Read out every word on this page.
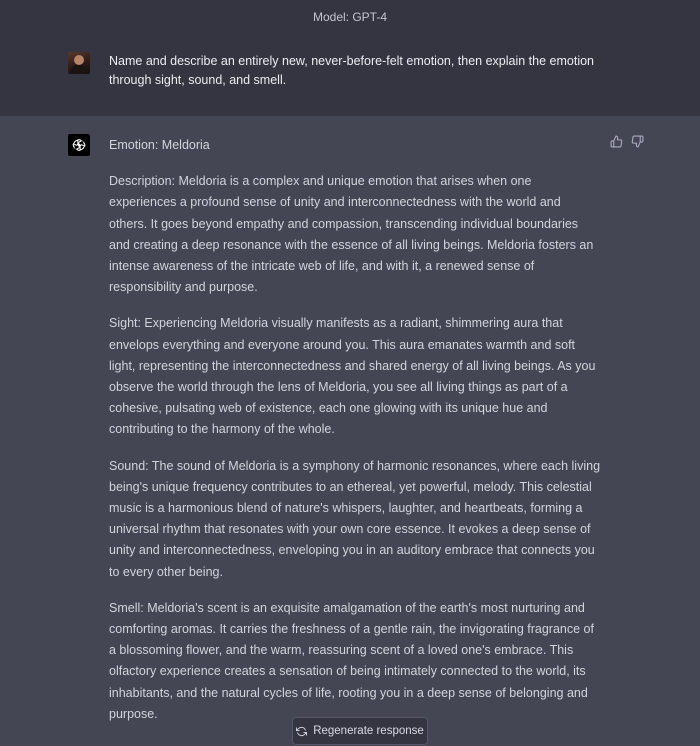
Model: GPT-4
Name and describe an entirely new, never-before-felt emotion, then explain the emotion through sight, sound, and smell.

Emotion: Meldoria

Description: Meldoria is a complex and unique emotion that arises when one experiences a profound sense of unity and interconnectedness with the world and others. It goes beyond empathy and compassion, transcending individual boundaries and creating a deep resonance with the essence of all living beings. Meldoria fosters an intense awareness of the intricate web of life, and with it, a renewed sense of responsibility and purpose.

Sight: Experiencing Meldoria visually manifests as a radiant, shimmering aura that envelops everything and everyone around you. This aura emanates warmth and soft light, representing the interconnectedness and shared energy of all living beings. As you observe the world through the lens of Meldoria, you see all living things as part of a cohesive, pulsating web of existence, each one glowing with its unique hue and contributing to the harmony of the whole.

Sound: The sound of Meldoria is a symphony of harmonic resonances, where each living being's unique frequency contributes to an ethereal, yet powerful, melody. This celestial music is a harmonious blend of nature's whispers, laughter, and heartbeats, forming a universal rhythm that resonates with your own core essence. It evokes a deep sense of unity and interconnectedness, enveloping you in an auditory embrace that connects you to every other being.

Smell: Meldoria's scent is an exquisite amalgamation of the earth's most nurturing and comforting aromas. It carries the freshness of a gentle rain, the invigorating fragrance of a blossoming flower, and the warm, reassuring scent of a loved one's embrace. This olfactory experience creates a sensation of being intimately connected to the world, its inhabitants, and the natural cycles of life, rooting you in a deep sense of belonging and purpose.

Regenerate response
